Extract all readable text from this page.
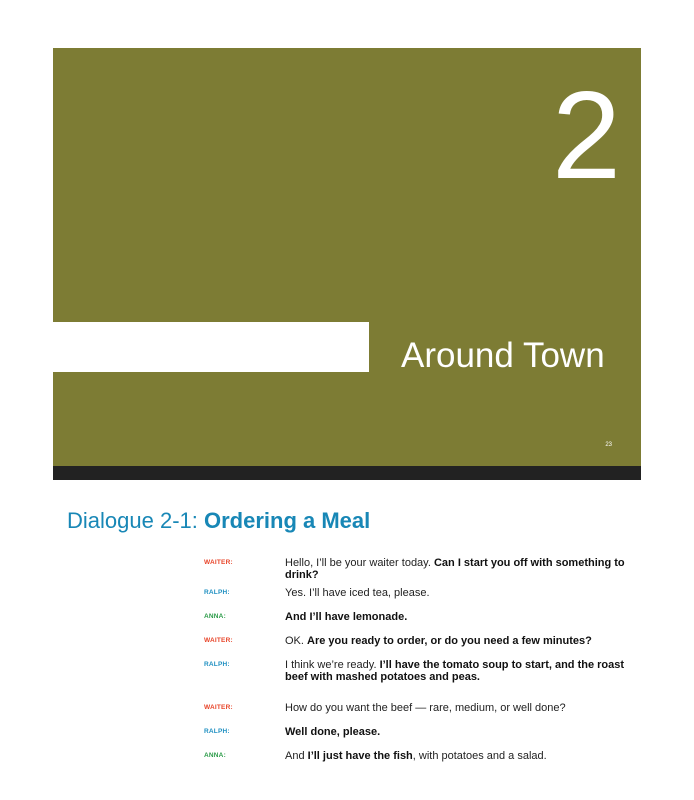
2
Around Town
23
Dialogue 2-1: Ordering a Meal
WAITER:	Hello, I’ll be your waiter today. Can I start you off with something to drink?
RALPH:	Yes. I’ll have iced tea, please.
ANNA:	And I’ll have lemonade.
WAITER:	OK. Are you ready to order, or do you need a few minutes?
RALPH:	I think we’re ready. I’ll have the tomato soup to start, and the roast beef with mashed potatoes and peas.
WAITER:	How do you want the beef — rare, medium, or well done?
RALPH:	Well done, please.
ANNA:	And I’ll just have the fish, with potatoes and a salad.
